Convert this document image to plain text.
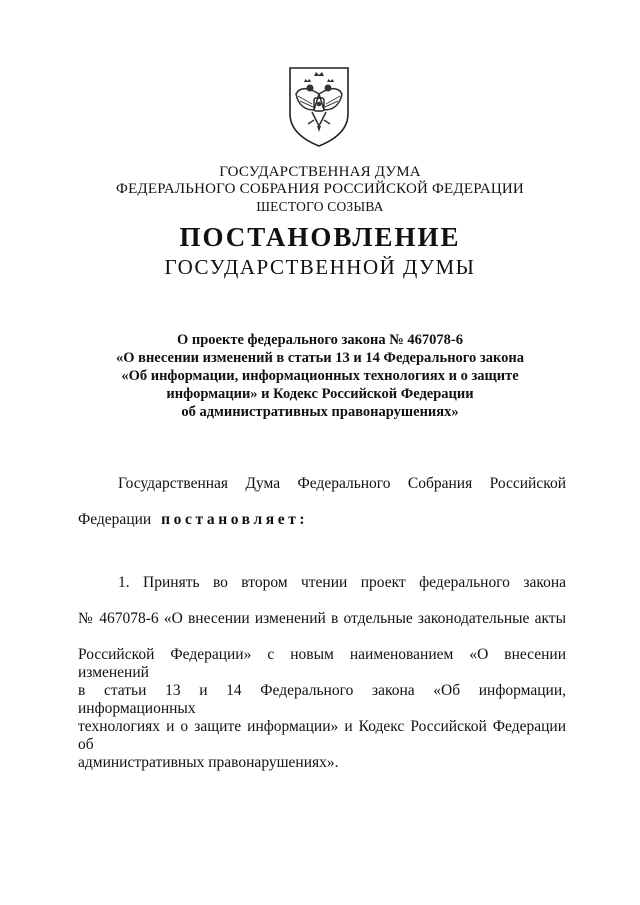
ГОСУДАРСТВЕННАЯ ДУМА
ФЕДЕРАЛЬНОГО СОБРАНИЯ РОССИЙСКОЙ ФЕДЕРАЦИИ
ШЕСТОГО СОЗЫВА
ПОСТАНОВЛЕНИЕ
ГОСУДАРСТВЕННОЙ ДУМЫ
О проекте федерального закона № 467078-6
«О внесении изменений в статьи 13 и 14 Федерального закона
«Об информации, информационных технологиях и о защите
информации» и Кодекс Российской Федерации
об административных правонарушениях»
Государственная Дума Федерального Собрания Российской
Федерации постановляет:
1. Принять во втором чтении проект федерального закона
№ 467078-6 «О внесении изменений в отдельные законодательные акты
Российской Федерации» с новым наименованием «О внесении изменений
в статьи 13 и 14 Федерального закона «Об информации, информационных
технологиях и о защите информации» и Кодекс Российской Федерации об
административных правонарушениях».
